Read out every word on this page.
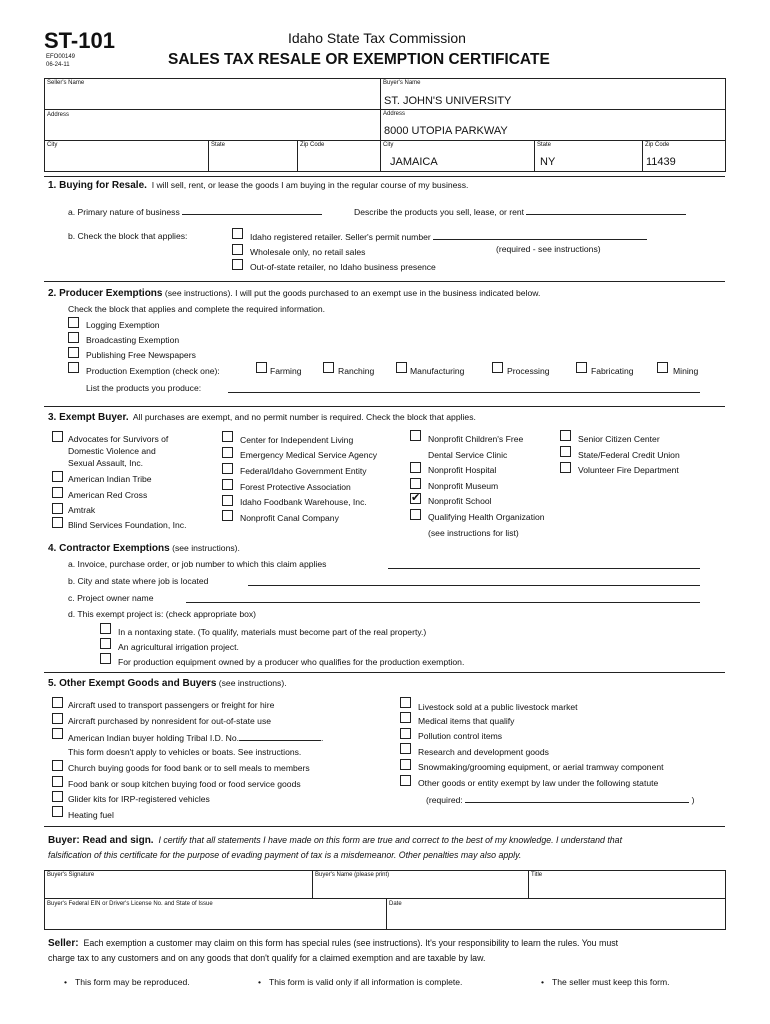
ST-101
EFO00149
06-24-11
Idaho State Tax Commission
SALES TAX RESALE OR EXEMPTION CERTIFICATE
Seller's Name
Address
City	State	Zip Code
Buyer's Name
ST. JOHN'S UNIVERSITY
Address
8000 UTOPIA PARKWAY
City
JAMAICA
State
NY
Zip Code
11439
1. Buying for Resale. I will sell, rent, or lease the goods I am buying in the regular course of my business.
a. Primary nature of business	Describe the products you sell, lease, or rent
b. Check the block that applies:	Idaho registered retailer. Seller's permit number
(required - see instructions)
Wholesale only, no retail sales
Out-of-state retailer, no Idaho business presence
2. Producer Exemptions (see instructions). I will put the goods purchased to an exempt use in the business indicated below.
Check the block that applies and complete the required information.
Logging Exemption
Broadcasting Exemption
Publishing Free Newspapers
Production Exemption (check one):	Farming	Ranching	Manufacturing	Processing	Fabricating	Mining
List the products you produce:
3. Exempt Buyer. All purchases are exempt, and no permit number is required. Check the block that applies.
Advocates for Survivors of
Domestic Violence and
Sexual Assault, Inc.
American Indian Tribe
American Red Cross
Amtrak
Blind Services Foundation, Inc.
Center for Independent Living
Emergency Medical Service Agency
Federal/Idaho Government Entity
Forest Protective Association
Idaho Foodbank Warehouse, Inc.
Nonprofit Canal Company
Nonprofit Children's Free
Dental Service Clinic
Nonprofit Hospital
Nonprofit Museum
✔ Nonprofit School
Qualifying Health Organization
(see instructions for list)
Senior Citizen Center
State/Federal Credit Union
Volunteer Fire Department
4. Contractor Exemptions (see instructions).
a. Invoice, purchase order, or job number to which this claim applies
b. City and state where job is located
c. Project owner name
d. This exempt project is: (check appropriate box)
In a nontaxing state. (To qualify, materials must become part of the real property.)
An agricultural irrigation project.
For production equipment owned by a producer who qualifies for the production exemption.
5. Other Exempt Goods and Buyers (see instructions).
Aircraft used to transport passengers or freight for hire
Aircraft purchased by nonresident for out-of-state use
American Indian buyer holding Tribal I.D. No.	.
This form doesn't apply to vehicles or boats. See instructions.
Church buying goods for food bank or to sell meals to members
Food bank or soup kitchen buying food or food service goods
Glider kits for IRP-registered vehicles
Heating fuel
Livestock sold at a public livestock market
Medical items that qualify
Pollution control items
Research and development goods
Snowmaking/grooming equipment, or aerial tramway component
Other goods or entity exempt by law under the following statute
(required:	)
Buyer: Read and sign. I certify that all statements I have made on this form are true and correct to the best of my knowledge. I understand that
falsification of this certificate for the purpose of evading payment of tax is a misdemeanor. Other penalties may also apply.
Buyer's Signature	Buyer's Name (please print)	Title
Buyer's Federal EIN or Driver's License No. and State of Issue	Date
Seller: Each exemption a customer may claim on this form has special rules (see instructions). It's your responsibility to learn the rules. You must
charge tax to any customers and on any goods that don't qualify for a claimed exemption and are taxable by law.
• This form may be reproduced.	• This form is valid only if all information is complete.	• The seller must keep this form.
